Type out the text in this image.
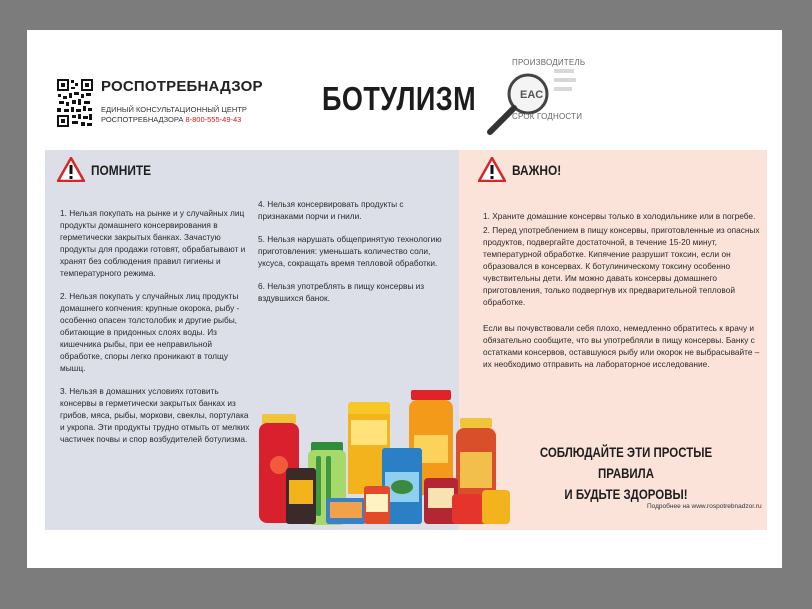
РОСПОТРЕБНАДЗОР
ЕДИНЫЙ КОНСУЛЬТАЦИОННЫЙ ЦЕНТР
РОСПОТРЕБНАДЗОРА 8-800-555-49-43
БОТУЛИЗМ
ПРОИЗВОДИТЕЛЬ
EAC
СРОК ГОДНОСТИ
ПОМНИТЕ

1. Нельзя покупать на рынке и у случайных лиц продукты домашнего консервирования в герметически закрытых банках. Зачастую продукты для продажи готовят, обрабатывают и хранят без соблюдения правил гигиены и температурного режима.

2. Нельзя покупать у случайных лиц продукты домашнего копчения: крупные окорока, рыбу - особенно опасен толстолобик и другие рыбы, обитающие в придонных слоях воды. Из кишечника рыбы, при ее неправильной обработке, споры легко проникают в толщу мышц.

3. Нельзя в домашних условиях готовить консервы в герметически закрытых банках из грибов, мяса, рыбы, моркови, свеклы, портулака и укропа. Эти продукты трудно отмыть от мелких частичек почвы и спор возбудителей ботулизма.

4. Нельзя консервировать продукты с признаками порчи и гнили.

5. Нельзя нарушать общепринятую технологию приготовления: уменьшать количество соли, уксуса, сокращать время тепловой обработки.

6. Нельзя употреблять в пищу консервы из вздувшихся банок.

ВАЖНО!

1. Храните домашние консервы только в холодильнике или в погребе.

2. Перед употреблением в пищу консервы, приготовленные из опасных продуктов, подвергайте достаточной, в течение 15-20 минут, температурной обработке. Кипячение разрушит токсин, если он образовался в консервах. К ботулиническому токсину особенно чувствительны дети. Им можно давать консервы домашнего приготовления, только подвергнув их предварительной тепловой обработке.

Если вы почувствовали себя плохо, немедленно обратитесь к врачу и обязательно сообщите, что вы употребляли в пищу консервы. Банку с остатками консервов, оставшуюся рыбу или окорок не выбрасывайте – их необходимо отправить на лабораторное исследование.

СОБЛЮДАЙТЕ ЭТИ ПРОСТЫЕ ПРАВИЛА
И БУДЬТЕ ЗДОРОВЫ!
Подробнее на www.rospotrebnadzor.ru
